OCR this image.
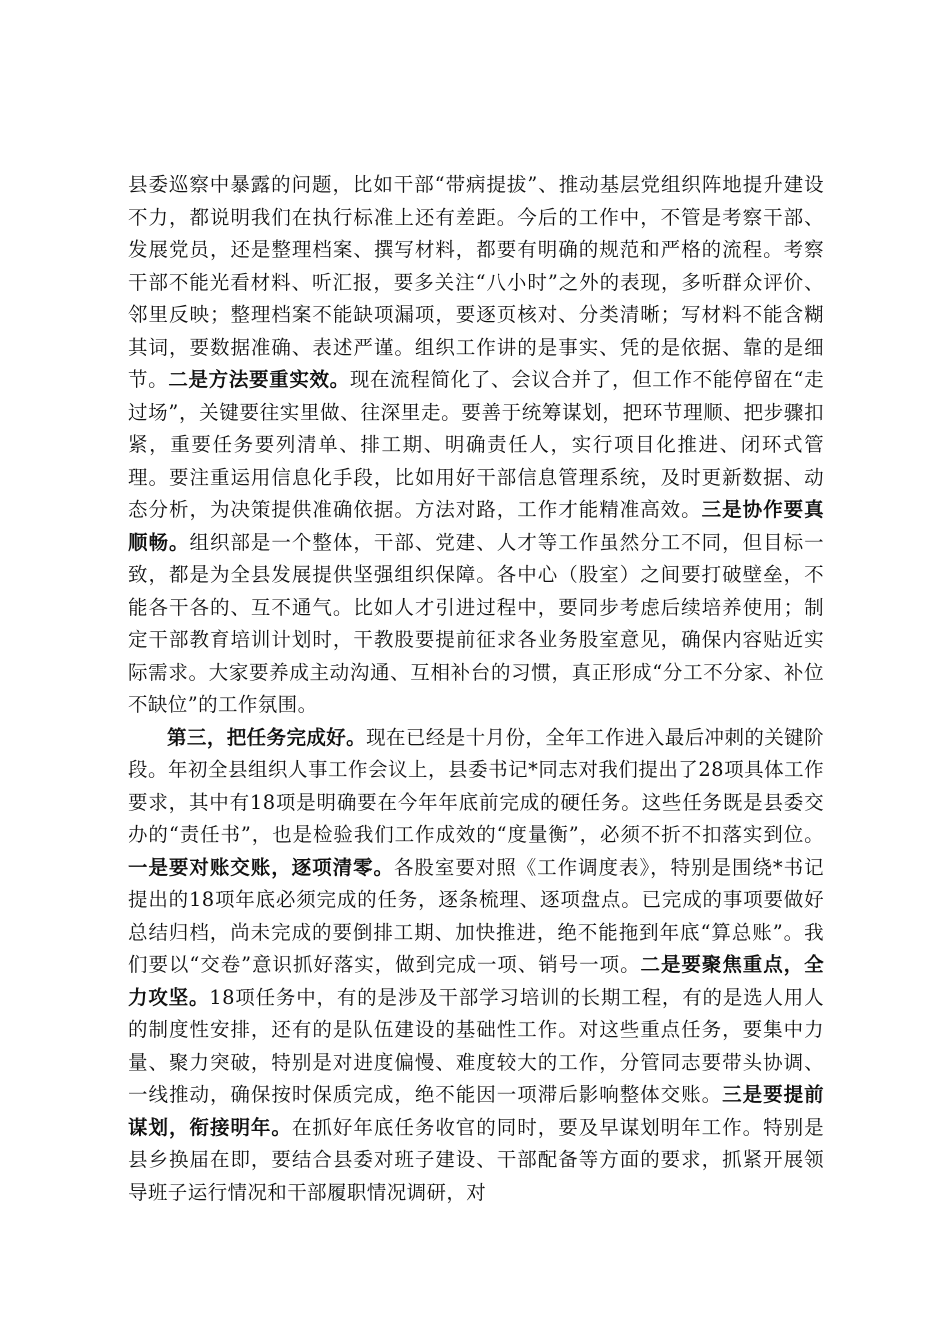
县委巡察中暴露的问题，比如干部“带病提拔”、推动基层党组织阵地提升建设不力，都说明我们在执行标准上还有差距。今后的工作中，不管是考察干部、发展党员，还是整理档案、撰写材料，都要有明确的规范和严格的流程。考察干部不能光看材料、听汇报，要多关注“八小时”之外的表现，多听群众评价、邻里反映；整理档案不能缺项漏项，要逐页核对、分类清晰；写材料不能含糊其词，要数据准确、表述严谨。组织工作讲的是事实、凭的是依据、靠的是细节。二是方法要重实效。现在流程简化了、会议合并了，但工作不能停留在“走过场”，关键要往实里做、往深里走。要善于统筹谋划，把环节理顺、把步骤扣紧，重要任务要列清单、排工期、明确责任人，实行项目化推进、闭环式管理。要注重运用信息化手段，比如用好干部信息管理系统，及时更新数据、动态分析，为决策提供准确依据。方法对路，工作才能精准高效。三是协作要真顺畅。组织部是一个整体，干部、党建、人才等工作虽然分工不同，但目标一致，都是为全县发展提供坚强组织保障。各中心（股室）之间要打破壁垒，不能各干各的、互不通气。比如人才引进过程中，要同步考虑后续培养使用；制定干部教育培训计划时，干教股要提前征求各业务股室意见，确保内容贴近实际需求。大家要养成主动沟通、互相补台的习惯，真正形成“分工不分家、补位不缺位”的工作氛围。

第三，把任务完成好。现在已经是十月份，全年工作进入最后冲刺的关键阶段。年初全县组织人事工作会议上，县委书记*同志对我们提出了28项具体工作要求，其中有18项是明确要在今年年底前完成的硬任务。这些任务既是县委交办的“责任书”，也是检验我们工作成效的“度量衡”，必须不折不扣落实到位。一是要对账交账，逐项清零。各股室要对照《工作调度表》，特别是围绕*书记提出的18项年底必须完成的任务，逐条梳理、逐项盘点。已完成的事项要做好总结归档，尚未完成的要倒排工期、加快推进，绝不能拖到年底“算总账”。我们要以“交卷”意识抓好落实，做到完成一项、销号一项。二是要聚焦重点，全力攻坚。18项任务中，有的是涉及干部学习培训的长期工程，有的是选人用人的制度性安排，还有的是队伍建设的基础性工作。对这些重点任务，要集中力量、聚力突破，特别是对进度偏慢、难度较大的工作，分管同志要带头协调、一线推动，确保按时保质完成，绝不能因一项滞后影响整体交账。三是要提前谋划，衔接明年。在抓好年底任务收官的同时，要及早谋划明年工作。特别是县乡换届在即，要结合县委对班子建设、干部配备等方面的要求，抓紧开展领导班子运行情况和干部履职情况调研，对
